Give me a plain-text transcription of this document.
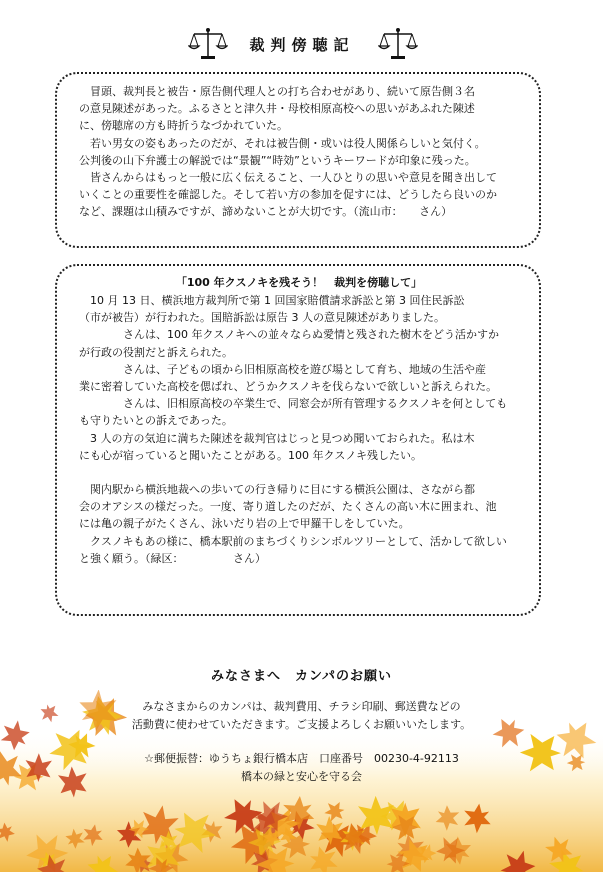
裁判傍聴記

冒頭、裁判長と被告・原告側代理人との打ち合わせがあり、続いて原告側３名

の意見陳述があった。ふるさとと津久井・母校相原高校への思いがあふれた陳述

に、傍聴席の方も時折うなづかれていた。

若い男女の姿もあったのだが、それは被告側・或いは役人関係らしいと気付く。

公判後の山下弁護士の解説では“景観”“時効”というキーワードが印象に残った。

皆さんからはもっと一般に広く伝えること、一人ひとりの思いや意見を聞き出して

いくことの重要性を確認した。そして若い方の参加を促すには、どうしたら良いのか

など、課題は山積みですが、諦めないことが大切です。（流山市：　　さん）

「100 年クスノキを残そう！　裁判を傍聴して」

10 月 13 日、横浜地方裁判所で第 1 回国家賠償請求訴訟と第 3 回住民訴訟

（市が被告）が行われた。国賠訴訟は原告 3 人の意見陳述がありました。

さんは、100 年クスノキへの並々ならぬ愛情と残された樹木をどう活かすか

が行政の役割だと訴えられた。

さんは、子どもの頃から旧相原高校を遊び場として育ち、地域の生活や産

業に密着していた高校を偲ばれ、どうかクスノキを伐らないで欲しいと訴えられた。

さんは、旧相原高校の卒業生で、同窓会が所有管理するクスノキを何としても

も守りたいとの訴えであった。

3 人の方の気迫に満ちた陳述を裁判官はじっと見つめ聞いておられた。私は木

にも心が宿っていると聞いたことがある。100 年クスノキ残したい。

関内駅から横浜地裁への歩いての行き帰りに目にする横浜公園は、さながら都

会のオアシスの様だった。一度、寄り道したのだが、たくさんの高い木に囲まれ、池

には亀の親子がたくさん、泳いだり岩の上で甲羅干しをしていた。

クスノキもあの様に、橋本駅前のまちづくりシンボルツリーとして、活かして欲しい

と強く願う。（緑区：　　　　　さん）

みなさまへ　カンパのお願い

みなさまからのカンパは、裁判費用、チラシ印刷、郵送費などの

活動費に使わせていただきます。ご支援よろしくお願いいたします。

☆郵便振替：ゆうちょ銀行橋本店　口座番号　00230-4-92113

橋本の緑と安心を守る会
